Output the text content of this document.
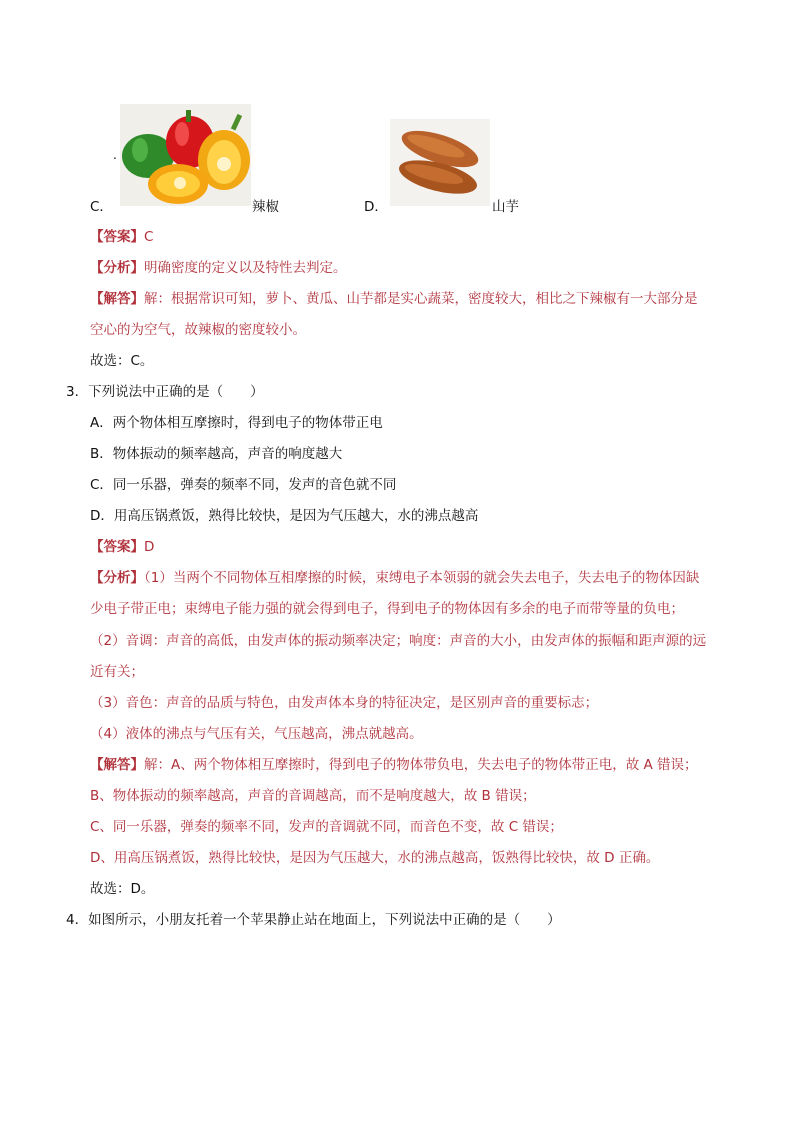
.
C．	辣椒	D．	山芋
【答案】C
【分析】明确密度的定义以及特性去判定。
【解答】解：根据常识可知，萝卜、黄瓜、山芋都是实心蔬菜，密度较大，相比之下辣椒有一大部分是
空心的为空气，故辣椒的密度较小。
故选：C。
3．下列说法中正确的是（　　）
A．两个物体相互摩擦时，得到电子的物体带正电
B．物体振动的频率越高，声音的响度越大
C．同一乐器，弹奏的频率不同，发声的音色就不同
D．用高压锅煮饭，熟得比较快，是因为气压越大，水的沸点越高
【答案】D
【分析】（1）当两个不同物体互相摩擦的时候，束缚电子本领弱的就会失去电子，失去电子的物体因缺
少电子带正电；束缚电子能力强的就会得到电子，得到电子的物体因有多余的电子而带等量的负电；
（2）音调：声音的高低，由发声体的振动频率决定；响度：声音的大小，由发声体的振幅和距声源的远
近有关；
（3）音色：声音的品质与特色，由发声体本身的特征决定，是区别声音的重要标志；
（4）液体的沸点与气压有关，气压越高，沸点就越高。
【解答】解：A、两个物体相互摩擦时，得到电子的物体带负电，失去电子的物体带正电，故 A 错误；
B、物体振动的频率越高，声音的音调越高，而不是响度越大，故 B 错误；
C、同一乐器，弹奏的频率不同，发声的音调就不同，而音色不变，故 C 错误；
D、用高压锅煮饭，熟得比较快，是因为气压越大，水的沸点越高，饭熟得比较快，故 D 正确。
故选：D。
4．如图所示，小朋友托着一个苹果静止站在地面上，下列说法中正确的是（　　）
